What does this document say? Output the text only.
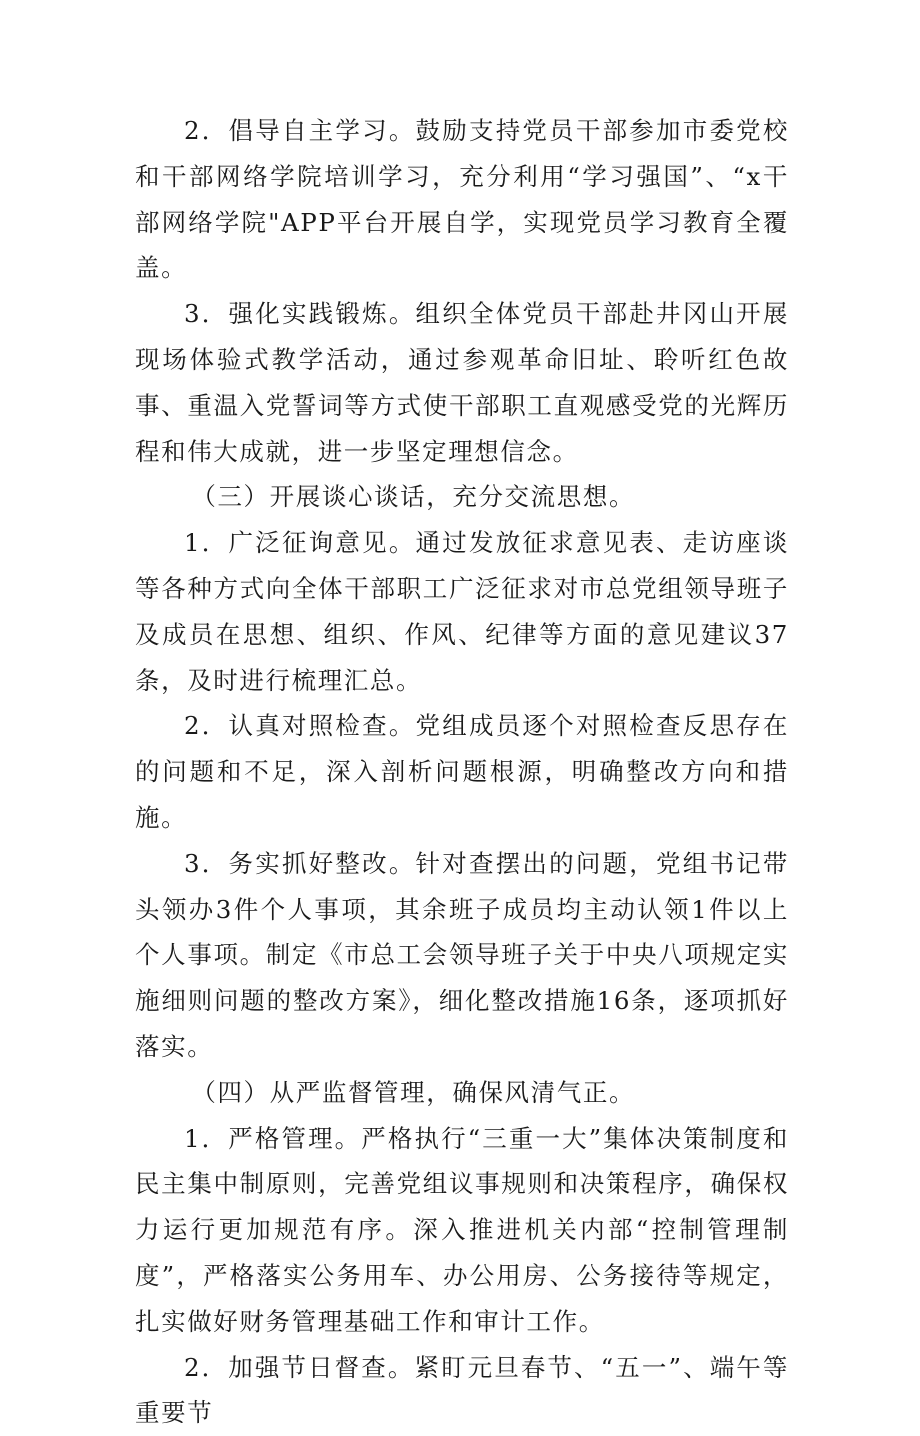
2．倡导自主学习。鼓励支持党员干部参加市委党校和干部网络学院培训学习，充分利用“学习强国”、“x干部网络学院"APP平台开展自学，实现党员学习教育全覆盖。

3．强化实践锻炼。组织全体党员干部赴井冈山开展现场体验式教学活动，通过参观革命旧址、聆听红色故事、重温入党誓词等方式使干部职工直观感受党的光辉历程和伟大成就，进一步坚定理想信念。

（三）开展谈心谈话，充分交流思想。

1．广泛征询意见。通过发放征求意见表、走访座谈等各种方式向全体干部职工广泛征求对市总党组领导班子及成员在思想、组织、作风、纪律等方面的意见建议37条，及时进行梳理汇总。

2．认真对照检查。党组成员逐个对照检查反思存在的问题和不足，深入剖析问题根源，明确整改方向和措施。

3．务实抓好整改。针对查摆出的问题，党组书记带头领办3件个人事项，其余班子成员均主动认领1件以上个人事项。制定《市总工会领导班子关于中央八项规定实施细则问题的整改方案》，细化整改措施16条，逐项抓好落实。

（四）从严监督管理，确保风清气正。

1．严格管理。严格执行“三重一大”集体决策制度和民主集中制原则，完善党组议事规则和决策程序，确保权力运行更加规范有序。深入推进机关内部“控制管理制度”，严格落实公务用车、办公用房、公务接待等规定，扎实做好财务管理基础工作和审计工作。

2．加强节日督查。紧盯元旦春节、“五一”、端午等重要节
